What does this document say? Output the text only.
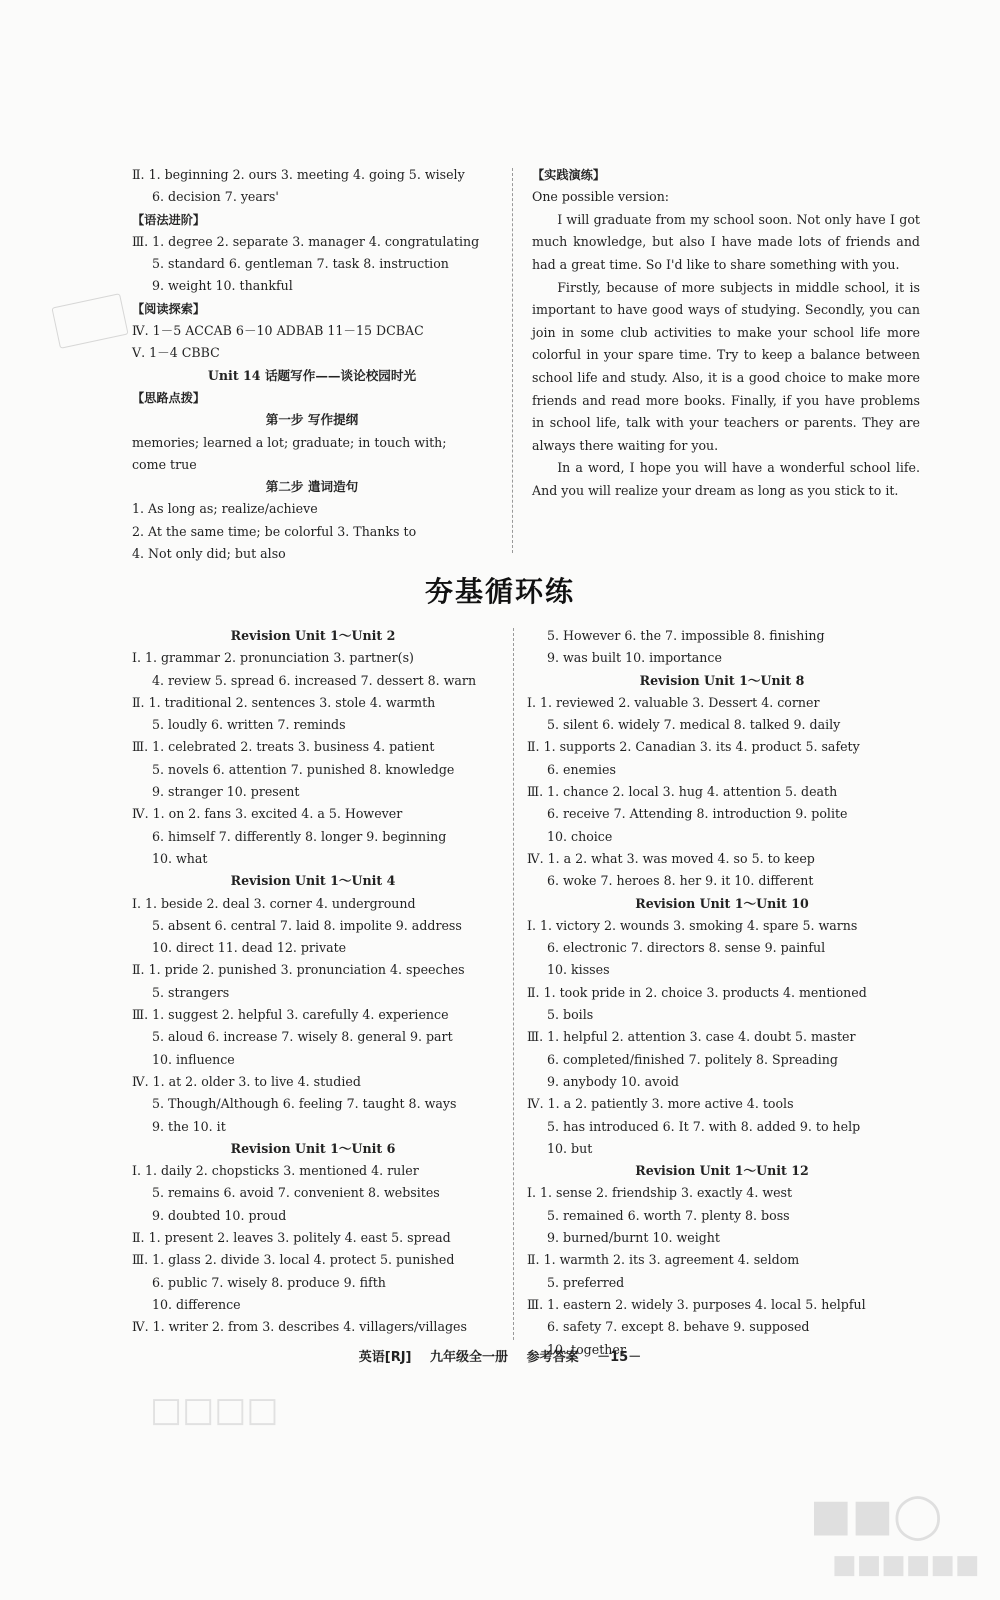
Ⅱ. 1. beginning 2. ours 3. meeting 4. going 5. wisely
6. decision 7. years'
【语法进阶】
Ⅲ. 1. degree 2. separate 3. manager 4. congratulating
5. standard 6. gentleman 7. task 8. instruction
9. weight 10. thankful
【阅读探索】
Ⅳ. 1－5 ACCAB 6－10 ADBAB 11－15 DCBAC
Ⅴ. 1－4 CBBC
Unit 14 话题写作——谈论校园时光
【思路点拨】
第一步 写作提纲
memories; learned a lot; graduate; in touch with;
come true
第二步 遣词造句
1. As long as; realize/achieve
2. At the same time; be colorful 3. Thanks to
4. Not only did; but also
【实践演练】
One possible version:

I will graduate from my school soon. Not only have I got much knowledge, but also I have made lots of friends and had a great time. So I'd like to share something with you.

Firstly, because of more subjects in middle school, it is important to have good ways of studying. Secondly, you can join in some club activities to make your school life more colorful in your spare time. Try to keep a balance between school life and study. Also, it is a good choice to make more friends and read more books. Finally, if you have problems in school life, talk with your teachers or parents. They are always there waiting for you.

In a word, I hope you will have a wonderful school life. And you will realize your dream as long as you stick to it.

夯基循环练
Revision Unit 1～Unit 2
Ⅰ. 1. grammar 2. pronunciation 3. partner(s)
4. review 5. spread 6. increased 7. dessert 8. warn
Ⅱ. 1. traditional 2. sentences 3. stole 4. warmth
5. loudly 6. written 7. reminds
Ⅲ. 1. celebrated 2. treats 3. business 4. patient
5. novels 6. attention 7. punished 8. knowledge
9. stranger 10. present
Ⅳ. 1. on 2. fans 3. excited 4. a 5. However
6. himself 7. differently 8. longer 9. beginning
10. what
Revision Unit 1～Unit 4
Ⅰ. 1. beside 2. deal 3. corner 4. underground
5. absent 6. central 7. laid 8. impolite 9. address
10. direct 11. dead 12. private
Ⅱ. 1. pride 2. punished 3. pronunciation 4. speeches
5. strangers
Ⅲ. 1. suggest 2. helpful 3. carefully 4. experience
5. aloud 6. increase 7. wisely 8. general 9. part
10. influence
Ⅳ. 1. at 2. older 3. to live 4. studied
5. Though/Although 6. feeling 7. taught 8. ways
9. the 10. it
Revision Unit 1～Unit 6
Ⅰ. 1. daily 2. chopsticks 3. mentioned 4. ruler
5. remains 6. avoid 7. convenient 8. websites
9. doubted 10. proud
Ⅱ. 1. present 2. leaves 3. politely 4. east 5. spread
Ⅲ. 1. glass 2. divide 3. local 4. protect 5. punished
6. public 7. wisely 8. produce 9. fifth
10. difference
Ⅳ. 1. writer 2. from 3. describes 4. villagers/villages
5. However 6. the 7. impossible 8. finishing
9. was built 10. importance
Revision Unit 1～Unit 8
Ⅰ. 1. reviewed 2. valuable 3. Dessert 4. corner
5. silent 6. widely 7. medical 8. talked 9. daily
Ⅱ. 1. supports 2. Canadian 3. its 4. product 5. safety
6. enemies
Ⅲ. 1. chance 2. local 3. hug 4. attention 5. death
6. receive 7. Attending 8. introduction 9. polite
10. choice
Ⅳ. 1. a 2. what 3. was moved 4. so 5. to keep
6. woke 7. heroes 8. her 9. it 10. different
Revision Unit 1～Unit 10
Ⅰ. 1. victory 2. wounds 3. smoking 4. spare 5. warns
6. electronic 7. directors 8. sense 9. painful
10. kisses
Ⅱ. 1. took pride in 2. choice 3. products 4. mentioned
5. boils
Ⅲ. 1. helpful 2. attention 3. case 4. doubt 5. master
6. completed/finished 7. politely 8. Spreading
9. anybody 10. avoid
Ⅳ. 1. a 2. patiently 3. more active 4. tools
5. has introduced 6. It 7. with 8. added 9. to help
10. but
Revision Unit 1～Unit 12
Ⅰ. 1. sense 2. friendship 3. exactly 4. west
5. remained 6. worth 7. plenty 8. boss
9. burned/burnt 10. weight
Ⅱ. 1. warmth 2. its 3. agreement 4. seldom
5. preferred
Ⅲ. 1. eastern 2. widely 3. purposes 4. local 5. helpful
6. safety 7. except 8. behave 9. supposed
10. together
英语[RJ] 九年级全一册 参考答案 －15－
□□□□
■■◯
■■■■■■
